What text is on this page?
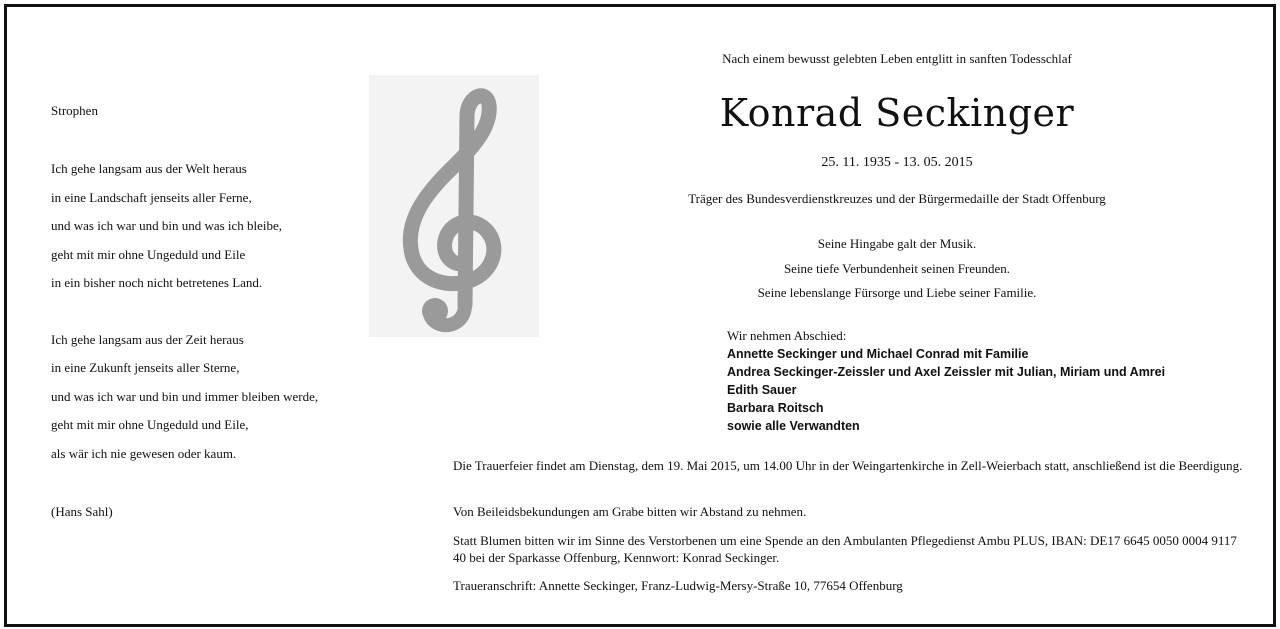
Strophen
Ich gehe langsam aus der Welt heraus
in eine Landschaft jenseits aller Ferne,
und was ich war und bin und was ich bleibe,
geht mit mir ohne Ungeduld und Eile
in ein bisher noch nicht betretenes Land.
Ich gehe langsam aus der Zeit heraus
in eine Zukunft jenseits aller Sterne,
und was ich war und bin und immer bleiben werde,
geht mit mir ohne Ungeduld und Eile,
als wär ich nie gewesen oder kaum.
(Hans Sahl)
Nach einem bewusst gelebten Leben entglitt in sanften Todesschlaf
Konrad Seckinger
25. 11. 1935 - 13. 05. 2015
Träger des Bundesverdienstkreuzes und der Bürgermedaille der Stadt Offenburg
Seine Hingabe galt der Musik.
Seine tiefe Verbundenheit seinen Freunden.
Seine lebenslange Fürsorge und Liebe seiner Familie.
Wir nehmen Abschied:
Annette Seckinger und Michael Conrad mit Familie
Andrea Seckinger-Zeissler und Axel Zeissler mit Julian, Miriam und Amrei
Edith Sauer
Barbara Roitsch
sowie alle Verwandten
Die Trauerfeier findet am Dienstag, dem 19. Mai 2015, um 14.00 Uhr in der Weingartenkirche in Zell-Weierbach statt, anschließend ist die Beerdigung.
Von Beileidsbekundungen am Grabe bitten wir Abstand zu nehmen.
Statt Blumen bitten wir im Sinne des Verstorbenen um eine Spende an den Ambulanten Pflegedienst Ambu PLUS, IBAN: DE17 6645 0050 0004 9117 40 bei der Sparkasse Offenburg, Kennwort: Konrad Seckinger.
Traueranschrift: Annette Seckinger, Franz-Ludwig-Mersy-Straße 10, 77654 Offenburg
